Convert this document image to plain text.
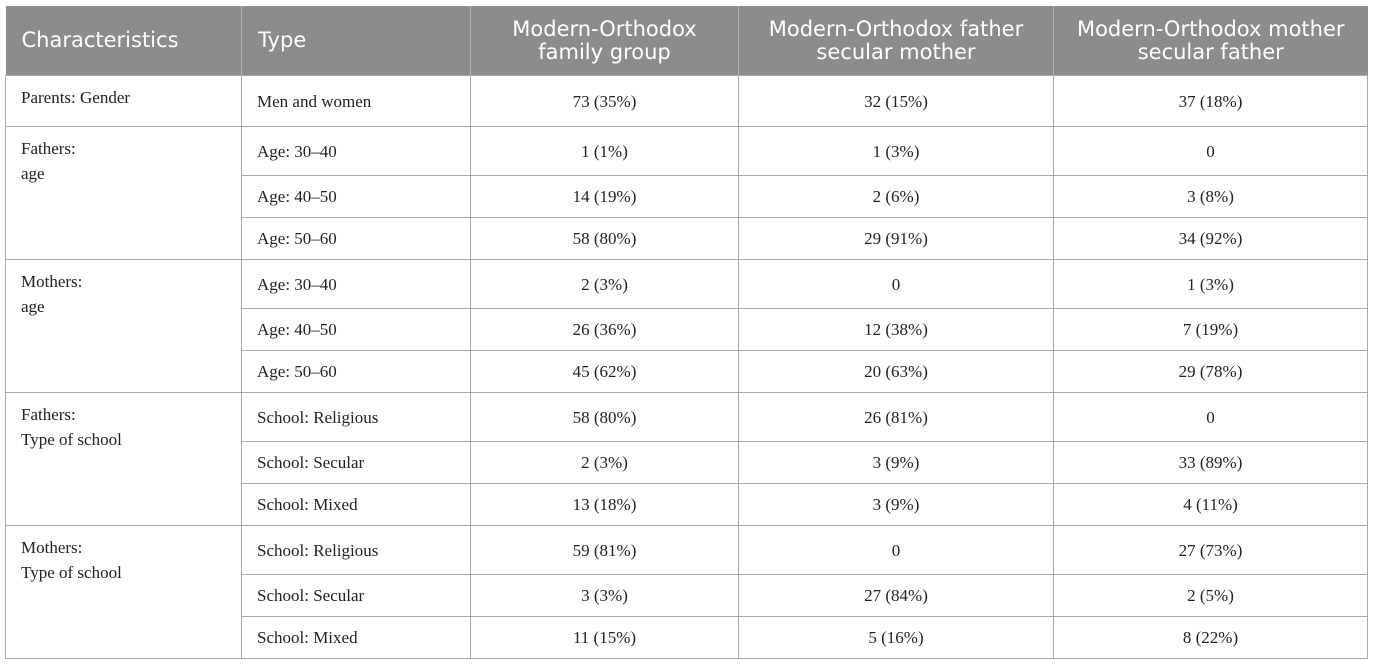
Characteristics	Type	Modern-Orthodox family group	Modern-Orthodox father secular mother	Modern-Orthodox mother secular father

Parents: Gender	Men and women	73 (35%)	32 (15%)	37 (18%)

Fathers:
age	Age: 30–40	1 (1%)	1 (3%)	0
	Age: 40–50	14 (19%)	2 (6%)	3 (8%)
	Age: 50–60	58 (80%)	29 (91%)	34 (92%)

Mothers:
age	Age: 30–40	2 (3%)	0	1 (3%)
	Age: 40–50	26 (36%)	12 (38%)	7 (19%)
	Age: 50–60	45 (62%)	20 (63%)	29 (78%)

Fathers:
Type of school	School: Religious	58 (80%)	26 (81%)	0
	School: Secular	2 (3%)	3 (9%)	33 (89%)
	School: Mixed	13 (18%)	3 (9%)	4 (11%)

Mothers:
Type of school	School: Religious	59 (81%)	0	27 (73%)
	School: Secular	3 (3%)	27 (84%)	2 (5%)
	School: Mixed	11 (15%)	5 (16%)	8 (22%)
